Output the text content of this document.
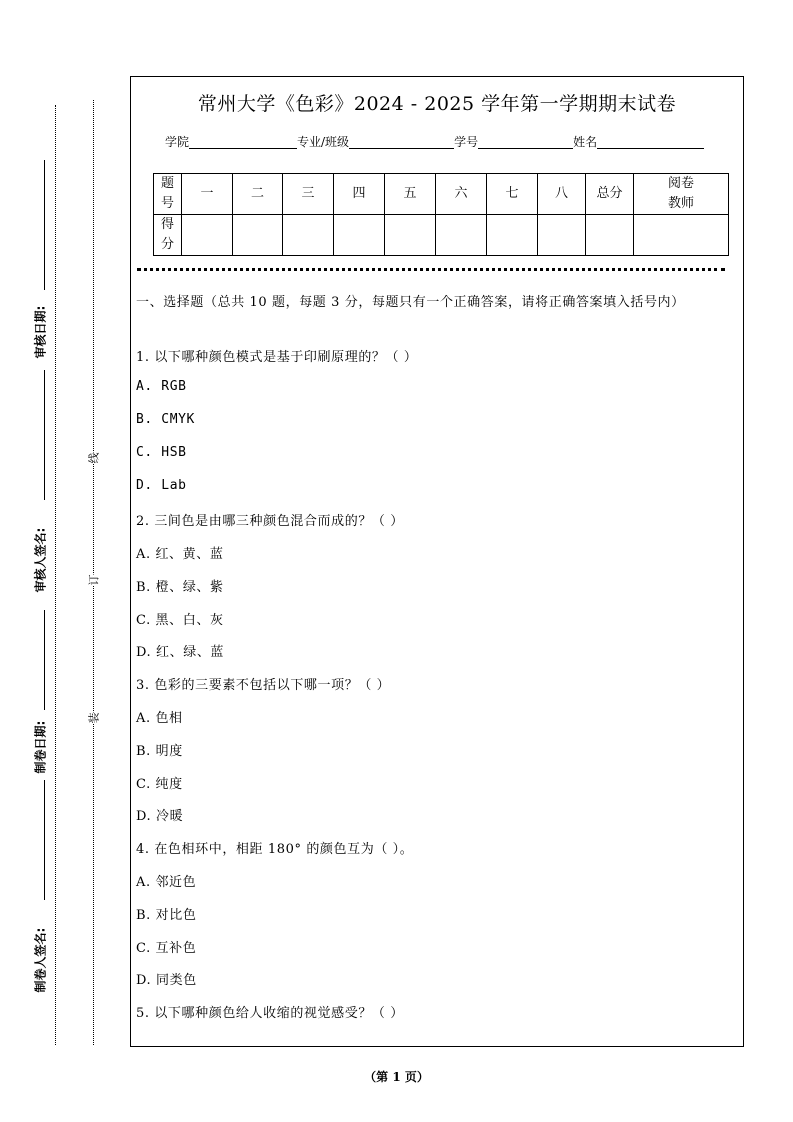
审核日期:
审核人签名:
制卷日期:
制卷人签名:
线
订
装
常州大学《色彩》2024 - 2025 学年第一学期期末试卷
学院	专业/班级	学号	姓名
题
号	一	二	三	四	五	六	七	八	总分	阅卷
教师
得
分										
一、选择题（总共 10 题，每题 3 分，每题只有一个正确答案，请将正确答案填入括号内）
1. 以下哪种颜色模式是基于印刷原理的？（ ）
A. RGB
B. CMYK
C. HSB
D. Lab
2. 三间色是由哪三种颜色混合而成的？（ ）
A. 红、黄、蓝
B. 橙、绿、紫
C. 黑、白、灰
D. 红、绿、蓝
3. 色彩的三要素不包括以下哪一项？（ ）
A. 色相
B. 明度
C. 纯度
D. 冷暖
4. 在色相环中，相距 180° 的颜色互为（ ）。
A. 邻近色
B. 对比色
C. 互补色
D. 同类色
5. 以下哪种颜色给人收缩的视觉感受？（ ）
（第 1 页）
